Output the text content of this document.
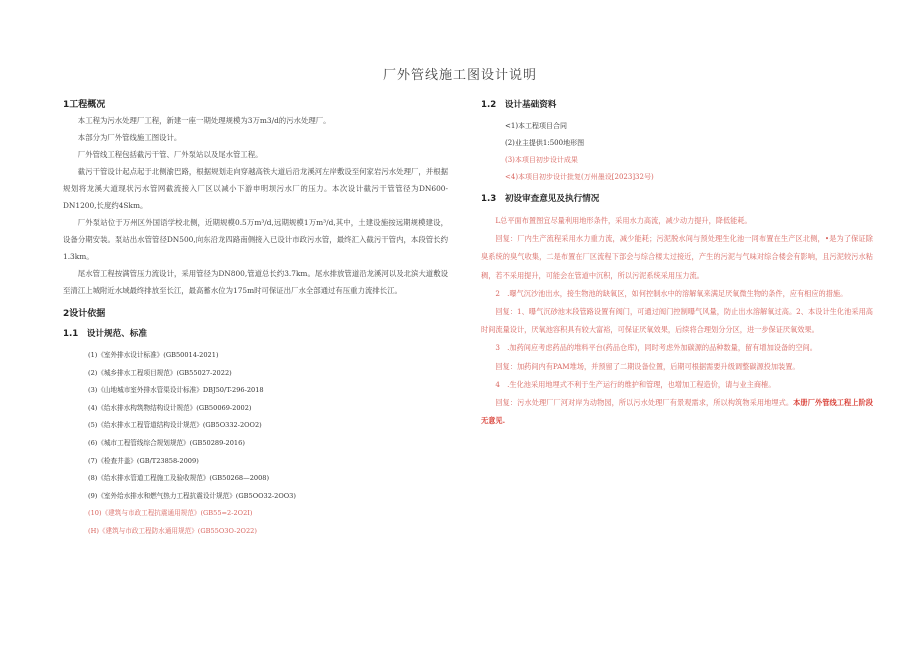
厂外管线施工图设计说明
1工程概况

本工程为污水处理厂工程，新建一座一期处理规模为3万m3/d的污水处理厂。

本部分为厂外管线施工图设计。

厂外管线工程包括截污干管、厂外泵站以及尾水管工程。

截污干管设计起点起于北侧渝巴路，根据规划走向穿越高铁大道后沿龙溪河左岸敷设至何家岩污水处理厂，并根据规划将龙溪大道现状污水管网截流接入厂区以减小下游申明坝污水厂的压力。本次设计截污干管管径为DN600-DN1200,长度约4Skm。

厂外泵站位于万州区外国语学校北侧，近期规模0.5万m³/d,远期规模1万m³/d,其中，土建设施按远期规模建设，设备分期安装。泵站出水管管径DN500,向东沿龙四路南侧接入已设计市政污水管，最终汇入截污干管内，本段管长约1.3km。

尾水管工程按满管压力流设计，采用管径为DN800,管道总长约3.7km。尾水排放管道沿龙溪河以及北滨大道敷设至清江上城附近水域最终排放至长江，最高蓄水位为175m时可保证出厂水全部通过有压重力流排长江。

2设计依据
1.1　设计规范、标准
(1)《室外排水设计标准》(GB50014-2021)
(2)《城乡排水工程项目规范》(GB55027-2022)
(3)《山地城市室外排水管渠设计标准》DBJ50/T-296-2018
(4)《给水排水构筑物结构设计规范》(GB50069-2002)
(5)《给水排水工程管道结构设计规范》(GB5O332-2OO2)
(6)《城市工程管线综合规划规范》(GB50289-2016)
(7)《检查井盖》(GB/T23858-2009)
(8)《给水排水管道工程施工及验收规范》(GB50268—2008)
(9)《室外给水排水和燃气热力工程抗震设计规范》(GB5OO32-2OO3)
(10)《建筑与市政工程抗震通用规范》(GB55=2-2O2I)
(H)《建筑与市政工程防水通用规范》(GB55O3O-2O22)
1.2　设计基础资料
<1)本工程项目合同
(2)业主提供1:500地形图
(3)本项目初步设计成果
<4)本项目初步设计批复(万州墨设[2023]32号)
1.3　初设审查意见及执行情况
L总平面布置图宜尽量利用地形条件，采用水力高流，减少动力提升，降低能耗。
回复：厂内生产流程采用水力重力流，减少能耗；污泥脱水间与预处理生化池一同布置在生产区北侧，•是为了保证除臭系统的臭气收集，二是布置在厂区流程下部会与综合楼太过接近，产生的污泥与气味对综合楼会有影响，且污泥较污水粘稠，若不采用提升，可能会在管道中沉积，所以污泥系统采用压力流。
2　.曝气沉沙池出水，接生物池的缺氧区，如何控制水中的溶解氧来满足厌氧微生物的条件，应有相应的措施。
回复：1、曝气沉砂池末段管路设置有阀门，可通过阀门控制曝气风量，防止出水溶解氧过高。2、本设计生化池采用高时间流量设计，厌氧池容积具有较大富裕，可保证厌氧效果，后续将合理划分分区，进一步保证厌氧效果。
3　.加药间应考虑药品的堆料平台(药品仓库)，同时考虑外加碳源的品种数量，留有增加设备的空间。
回复：加药间内有PAM堆场，并预留了二期设备位置，后期可根据需要升级调整碳源投加装置。
4　.生化池采用地埋式不利于生产运行的维护和管理，也增加工程造价，请与业主商榷。
回复：污水处理厂厂河对岸为动物园，所以污水处理厂有景观需求，所以构筑物采用地埋式。本册厂外管线工程上阶段无意见.
